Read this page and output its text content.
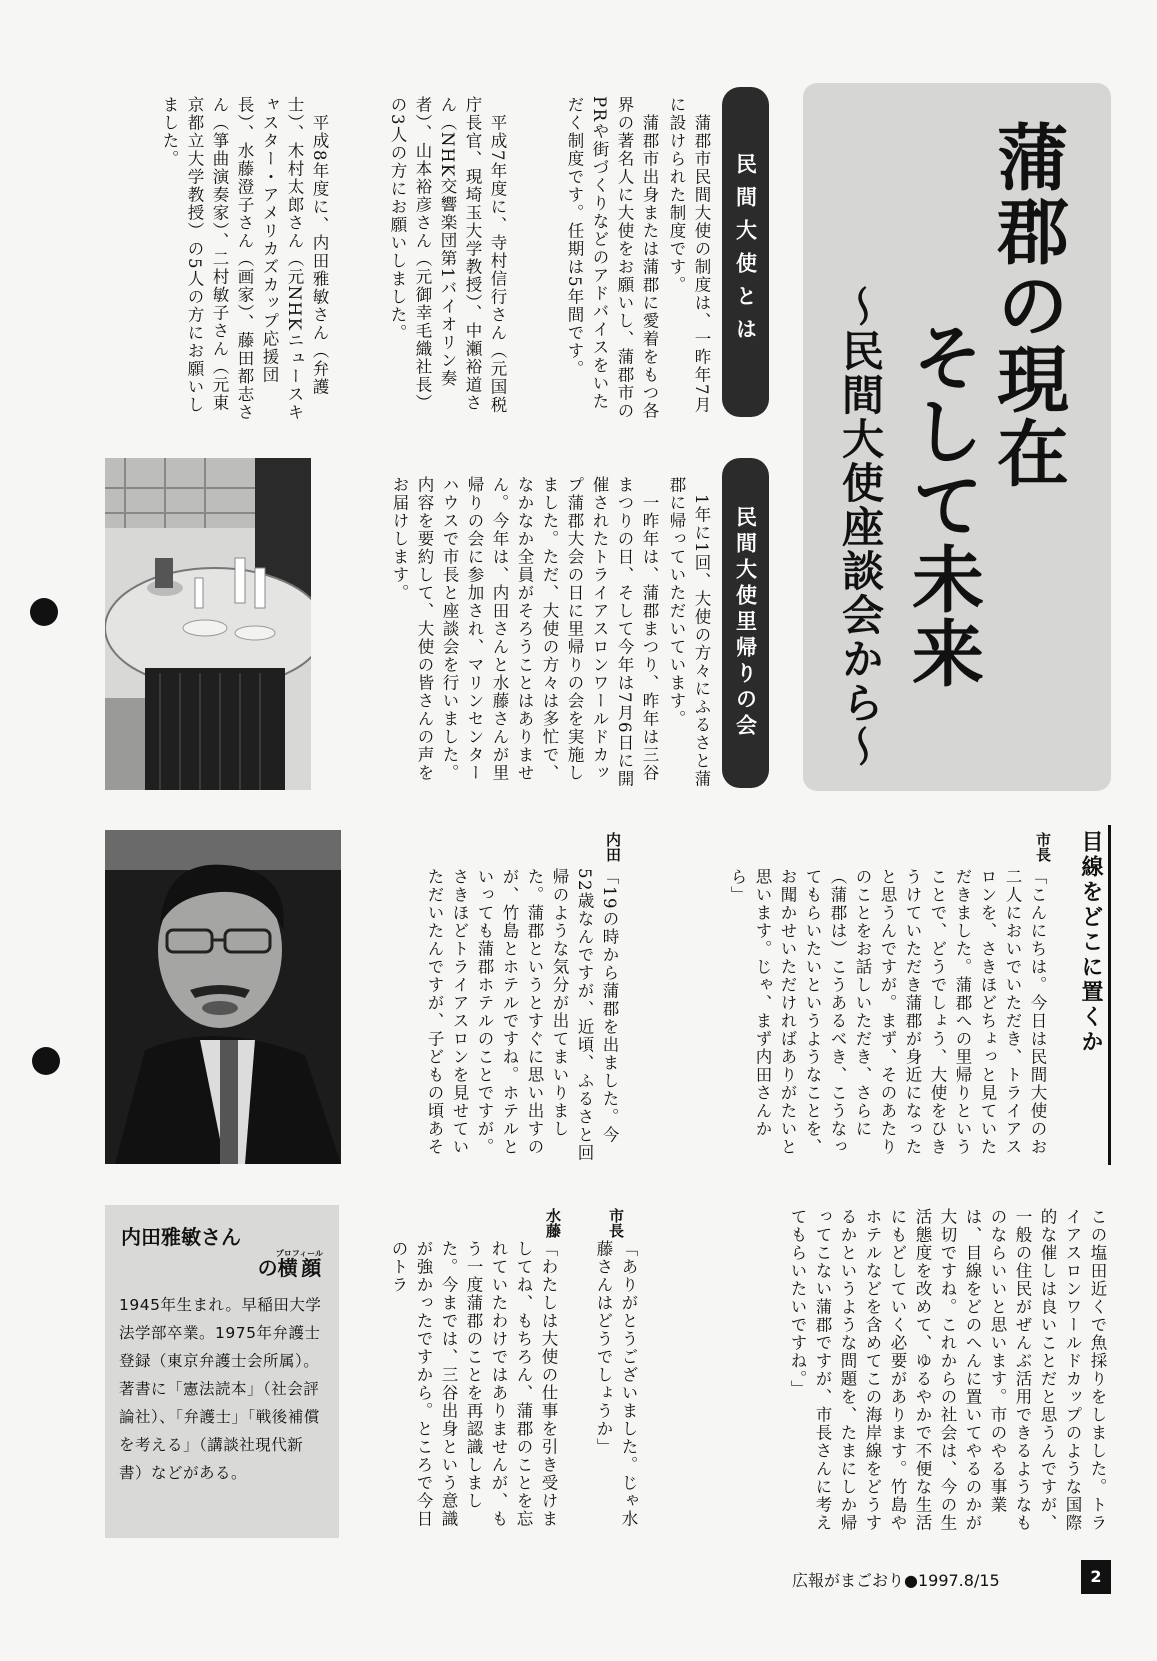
蒲郡の現在
そして未来
～民間大使座談会から～
民間大使とは
　蒲郡市民間大使の制度は、一昨年7月に設けられた制度です。
　蒲郡市出身または蒲郡に愛着をもつ各界の著名人に大使をお願いし、蒲郡市のPRや街づくりなどのアドバイスをいただく制度です。任期は5年間です。
　平成7年度に、寺村信行さん（元国税庁長官、現埼玉大学教授）、中瀬裕道さん（NHK交響楽団第1バイオリン奏者）、山本裕彦さん（元御幸毛織社長）の3人の方にお願いしました。
　平成8年度に、内田雅敏さん（弁護士）、木村太郎さん（元NHKニュースキャスター・アメリカズカップ応援団長）、水藤澄子さん（画家）、藤田都志さん（箏曲演奏家）、二村敏子さん（元東京都立大学教授）の5人の方にお願いしました。
民間大使里帰りの会
　1年に1回、大使の方々にふるさと蒲郡に帰っていただいています。
　一昨年は、蒲郡まつり、昨年は三谷まつりの日、そして今年は7月6日に開催されたトライアスロンワールドカップ蒲郡大会の日に里帰りの会を実施しました。ただ、大使の方々は多忙で、なかなか全員がそろうことはありません。今年は、内田さんと水藤さんが里帰りの会に参加され、マリンセンターハウスで市長と座談会を行いました。内容を要約して、大使の皆さんの声をお届けします。
目線をどこに置くか
市長
「こんにちは。今日は民間大使のお二人においでいただき、トライアスロンを、さきほどちょっと見ていただきました。蒲郡への里帰りということで、どうでしょう、大使をひきうけていただき蒲郡が身近になったと思うんですが。まず、そのあたりのことをお話しいただき、さらに（蒲郡は）こうあるべき、こうなってもらいたいというようなことを、お聞かせいただければありがたいと思います。じゃ、まず内田さんから」
内田
「19の時から蒲郡を出ました。今52歳なんですが、近頃、ふるさと回帰のような気分が出てまいりました。蒲郡というとすぐに思い出すのが、竹島とホテルですね。ホテルといっても蒲郡ホテルのことですが。さきほどトライアスロンを見せていただいたんですが、子どもの頃あそ
この塩田近くで魚採りをしました。トライアスロンワールドカップのような国際的な催しは良いことだと思うんですが、一般の住民がぜんぶ活用できるようなものならいいと思います。市のやる事業は、目線をどのへんに置いてやるのかが大切ですね。これからの社会は、今の生活態度を改めて、ゆるやかで不便な生活にもどしていく必要があります。竹島やホテルなどを含めてこの海岸線をどうするかというような問題を、たまにしか帰ってこない蒲郡ですが、市長さんに考えてもらいたいですね。」
市長
「ありがとうございました。じゃ水藤さんはどうでしょうか」
水藤
「わたしは大使の仕事を引き受けましてね、もちろん、蒲郡のことを忘れていたわけではありませんが、もう一度蒲郡のことを再認識しました。今までは、三谷出身という意識が強かったですから。ところで今日のトラ
内田雅敏さん
の横顔プロフィール
1945年生まれ。早稲田大学法学部卒業。1975年弁護士登録（東京弁護士会所属）。著書に「憲法読本」（社会評論社）、「弁護士」「戦後補償を考える」（講談社現代新書）などがある。
広報がまごおり●1997.8/15	2
